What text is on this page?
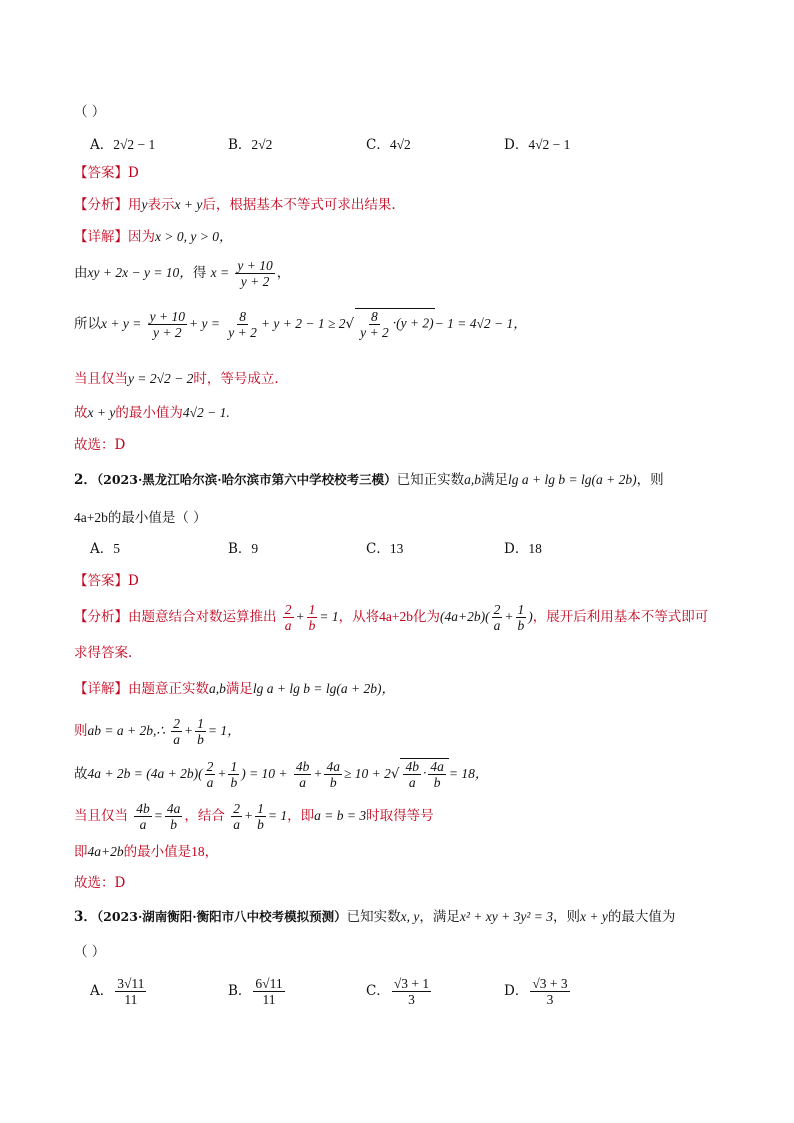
（ ）
A．2√2 − 1	B．2√2	C．4√2	D．4√2 − 1
【答案】D
【分析】用y表示x + y后，根据基本不等式可求出结果.
【详解】因为x > 0, y > 0，
由xy + 2x − y = 10，得 $x = \frac{y + 10}{y + 2}$ ，
所以$x + y = \frac{y + 10}{y + 2} + y = \frac{8}{y + 2} + y + 2 - 1 \ge 2√ \frac{8}{y + 2} \cdot(y + 2)- 1 = 4√2 - 1$，
当且仅当y = 2√2 − 2时，等号成立.
故x + y的最小值为4√2 − 1.
故选：D
2．（2023·黑龙江哈尔滨·哈尔滨市第六中学校校考三模）已知正实数a,b满足lg a + lg b = lg(a + 2b)，则
4a+2b的最小值是（ ）
A．5	B．9	C．13	D．18
【答案】D
【分析】由题意结合对数运算推出 $\frac{2}{a} + \frac{1}{b} = 1$，从将4a+2b化为$(4a+2b)( \frac{2}{a} + \frac{1}{b}$ )，展开后利用基本不等式即可
求得答案.
【详解】由题意正实数a,b满足lg a + lg b = lg(a + 2b)，
则ab = a + 2b,∴ $\frac{2}{a} + \frac{1}{b} = 1$，
故$4a + 2b = (4a + 2b)( \frac{2}{a} + \frac{1}{b}$ ) = $10 + \frac{4b}{a} + \frac{4a}{b} \ge 10 + 2√ \frac{4b}{a} \cdot \frac{4a}{b} = 18$，
当且仅当 $\frac{4b}{a} = \frac{4a}{b}$ ，结合 $\frac{2}{a} + \frac{1}{b} = 1$，即a = b = 3时取得等号
即4a+2b的最小值是18，
故选：D
3．（2023·湖南衡阳·衡阳市八中校考模拟预测）已知实数x, y，满足x² + xy + 3y² = 3，则x + y的最大值为
（ ）
A． $\frac{3√11}{11}$	B． $\frac{6√11}{11}$	C． $\frac{√3 + 1}{3}$	D． $\frac{√3 + 3}{3}$
